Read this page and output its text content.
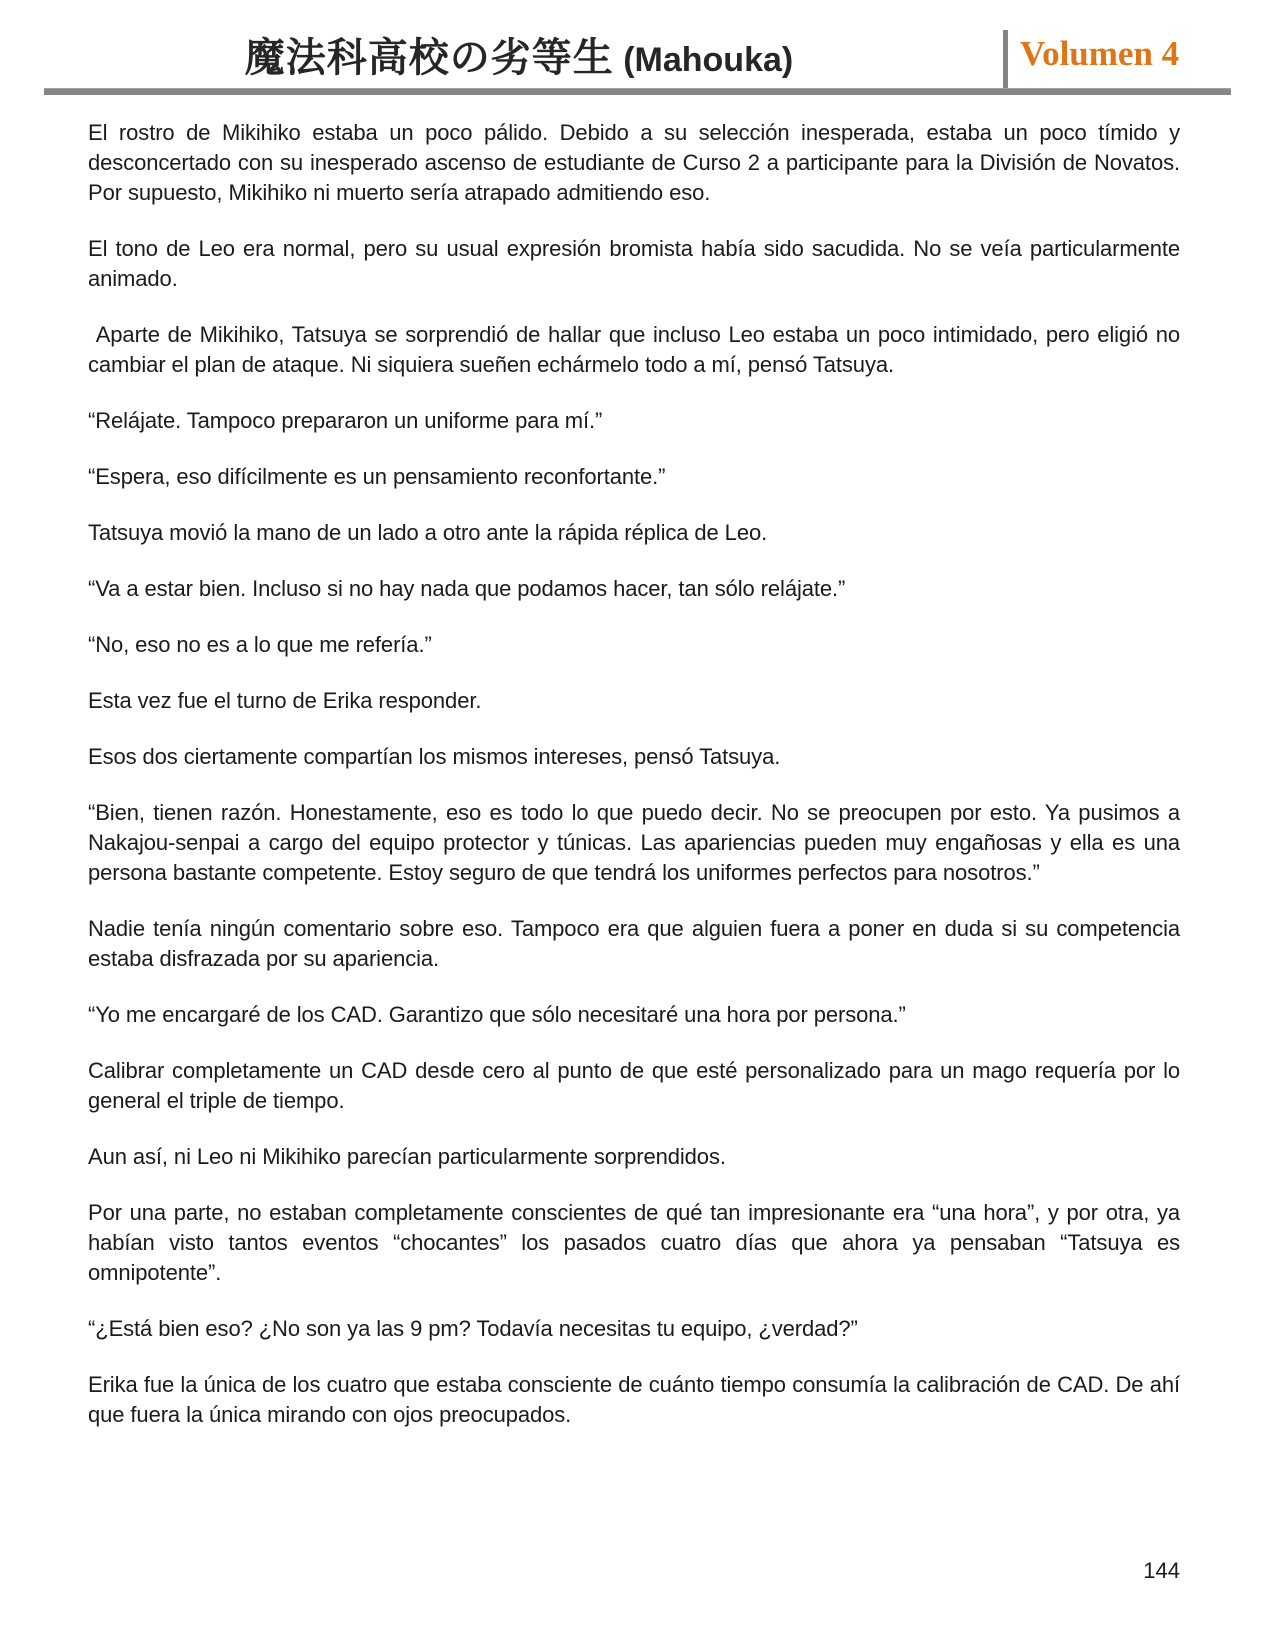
魔法科高校の劣等生 (Mahouka)	Volumen 4

El rostro de Mikihiko estaba un poco pálido. Debido a su selección inesperada, estaba un poco tímido y desconcertado con su inesperado ascenso de estudiante de Curso 2 a participante para la División de Novatos. Por supuesto, Mikihiko ni muerto sería atrapado admitiendo eso.

El tono de Leo era normal, pero su usual expresión bromista había sido sacudida. No se veía particularmente animado.

Aparte de Mikihiko, Tatsuya se sorprendió de hallar que incluso Leo estaba un poco intimidado, pero eligió no cambiar el plan de ataque. Ni siquiera sueñen echármelo todo a mí, pensó Tatsuya.

“Relájate. Tampoco prepararon un uniforme para mí.”

“Espera, eso difícilmente es un pensamiento reconfortante.”

Tatsuya movió la mano de un lado a otro ante la rápida réplica de Leo.

“Va a estar bien. Incluso si no hay nada que podamos hacer, tan sólo relájate.”

“No, eso no es a lo que me refería.”

Esta vez fue el turno de Erika responder.

Esos dos ciertamente compartían los mismos intereses, pensó Tatsuya.

“Bien, tienen razón. Honestamente, eso es todo lo que puedo decir. No se preocupen por esto. Ya pusimos a Nakajou-senpai a cargo del equipo protector y túnicas. Las apariencias pueden muy engañosas y ella es una persona bastante competente. Estoy seguro de que tendrá los uniformes perfectos para nosotros.”

Nadie tenía ningún comentario sobre eso. Tampoco era que alguien fuera a poner en duda si su competencia estaba disfrazada por su apariencia.

“Yo me encargaré de los CAD. Garantizo que sólo necesitaré una hora por persona.”

Calibrar completamente un CAD desde cero al punto de que esté personalizado para un mago requería por lo general el triple de tiempo.

Aun así, ni Leo ni Mikihiko parecían particularmente sorprendidos.

Por una parte, no estaban completamente conscientes de qué tan impresionante era “una hora”, y por otra, ya habían visto tantos eventos “chocantes” los pasados cuatro días que ahora ya pensaban “Tatsuya es omnipotente”.

“¿Está bien eso? ¿No son ya las 9 pm? Todavía necesitas tu equipo, ¿verdad?”

Erika fue la única de los cuatro que estaba consciente de cuánto tiempo consumía la calibración de CAD. De ahí que fuera la única mirando con ojos preocupados.

144
